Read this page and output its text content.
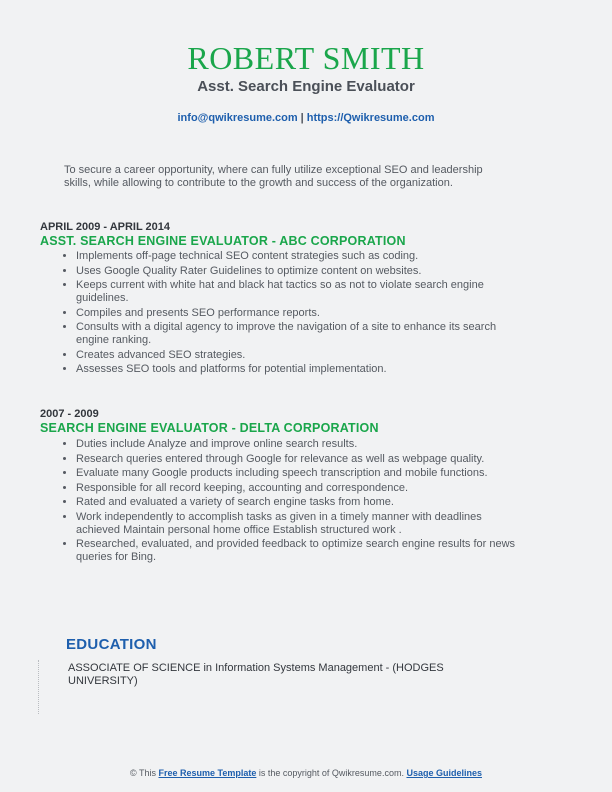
ROBERT SMITH
Asst. Search Engine Evaluator
info@qwikresume.com | https://Qwikresume.com
To secure a career opportunity, where can fully utilize exceptional SEO and leadership skills, while allowing to contribute to the growth and success of the organization.
APRIL 2009 - APRIL 2014
ASST. SEARCH ENGINE EVALUATOR - ABC CORPORATION
• Implements off-page technical SEO content strategies such as coding.
• Uses Google Quality Rater Guidelines to optimize content on websites.
• Keeps current with white hat and black hat tactics so as not to violate search engine guidelines.
• Compiles and presents SEO performance reports.
• Consults with a digital agency to improve the navigation of a site to enhance its search engine ranking.
• Creates advanced SEO strategies.
• Assesses SEO tools and platforms for potential implementation.
2007 - 2009
SEARCH ENGINE EVALUATOR - DELTA CORPORATION
• Duties include Analyze and improve online search results.
• Research queries entered through Google for relevance as well as webpage quality.
• Evaluate many Google products including speech transcription and mobile functions.
• Responsible for all record keeping, accounting and correspondence.
• Rated and evaluated a variety of search engine tasks from home.
• Work independently to accomplish tasks as given in a timely manner with deadlines achieved Maintain personal home office Establish structured work .
• Researched, evaluated, and provided feedback to optimize search engine results for news queries for Bing.
EDUCATION
ASSOCIATE OF SCIENCE in Information Systems Management - (HODGES UNIVERSITY)
© This Free Resume Template is the copyright of Qwikresume.com. Usage Guidelines
